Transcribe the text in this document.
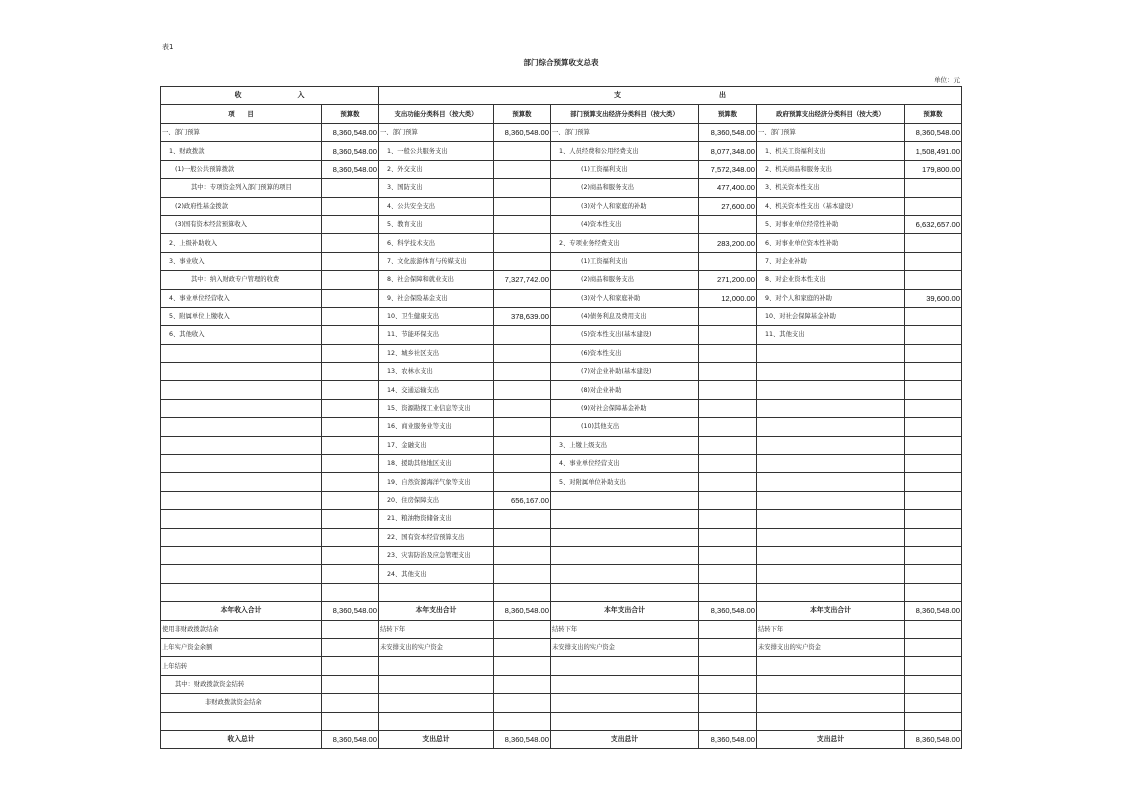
表1
部门综合预算收支总表
单位：元
收　　　　　　　　入		支　　　　　　　　　　　　　　出					
项　　目	预算数	支出功能分类科目（按大类）	预算数	部门预算支出经济分类科目（按大类）	预算数	政府预算支出经济分类科目（按大类）	预算数
一、部门预算	8,360,548.00	一、部门预算	8,360,548.00	一、部门预算	8,360,548.00	一、部门预算	8,360,548.00
1、财政拨款	8,360,548.00	1、一般公共服务支出		1、人员经费和公用经费支出	8,077,348.00	1、机关工资福利支出	1,508,491.00
(1)一般公共预算拨款	8,360,548.00	2、外交支出		(1)工资福利支出	7,572,348.00	2、机关商品和服务支出	179,800.00
其中：专项资金列入部门预算的项目		3、国防支出		(2)商品和服务支出	477,400.00	3、机关资本性支出	
(2)政府性基金拨款		4、公共安全支出		(3)对个人和家庭的补助	27,600.00	4、机关资本性支出（基本建设）	
(3)国有资本经营预算收入		5、教育支出		(4)资本性支出		5、对事业单位经常性补助	6,632,657.00
2、上级补助收入		6、科学技术支出		2、专项业务经费支出	283,200.00	6、对事业单位资本性补助	
3、事业收入		7、文化旅游体育与传媒支出		(1)工资福利支出		7、对企业补助	
其中：纳入财政专户管理的收费		8、社会保障和就业支出	7,327,742.00	(2)商品和服务支出	271,200.00	8、对企业资本性支出	
4、事业单位经营收入		9、社会保险基金支出		(3)对个人和家庭补助	12,000.00	9、对个人和家庭的补助	39,600.00
5、附属单位上缴收入		10、卫生健康支出	378,639.00	(4)债务利息及费用支出		10、对社会保障基金补助	
6、其他收入		11、节能环保支出		(5)资本性支出(基本建设)		11、其他支出	
		12、城乡社区支出		(6)资本性支出			
		13、农林水支出		(7)对企业补助(基本建设)			
		14、交通运输支出		(8)对企业补助			
		15、资源勘探工业信息等支出		(9)对社会保障基金补助			
		16、商业服务业等支出		(10)其他支出			
		17、金融支出		3、上缴上级支出			
		18、援助其他地区支出		4、事业单位经营支出			
		19、自然资源海洋气象等支出		5、对附属单位补助支出			
		20、住房保障支出	656,167.00				
		21、粮油物资储备支出					
		22、国有资本经营预算支出					
		23、灾害防治及应急管理支出					
		24、其他支出					

本年收入合计	8,360,548.00	本年支出合计	8,360,548.00	本年支出合计	8,360,548.00	本年支出合计	8,360,548.00
使用非财政拨款结余		结转下年		结转下年		结转下年	
上年实户资金余额		未安排支出的实户资金		未安排支出的实户资金		未安排支出的实户资金	
上年结转							
其中：财政拨款资金结转							
非财政拨款资金结余							

收入总计	8,360,548.00	支出总计	8,360,548.00	支出总计	8,360,548.00	支出总计	8,360,548.00
